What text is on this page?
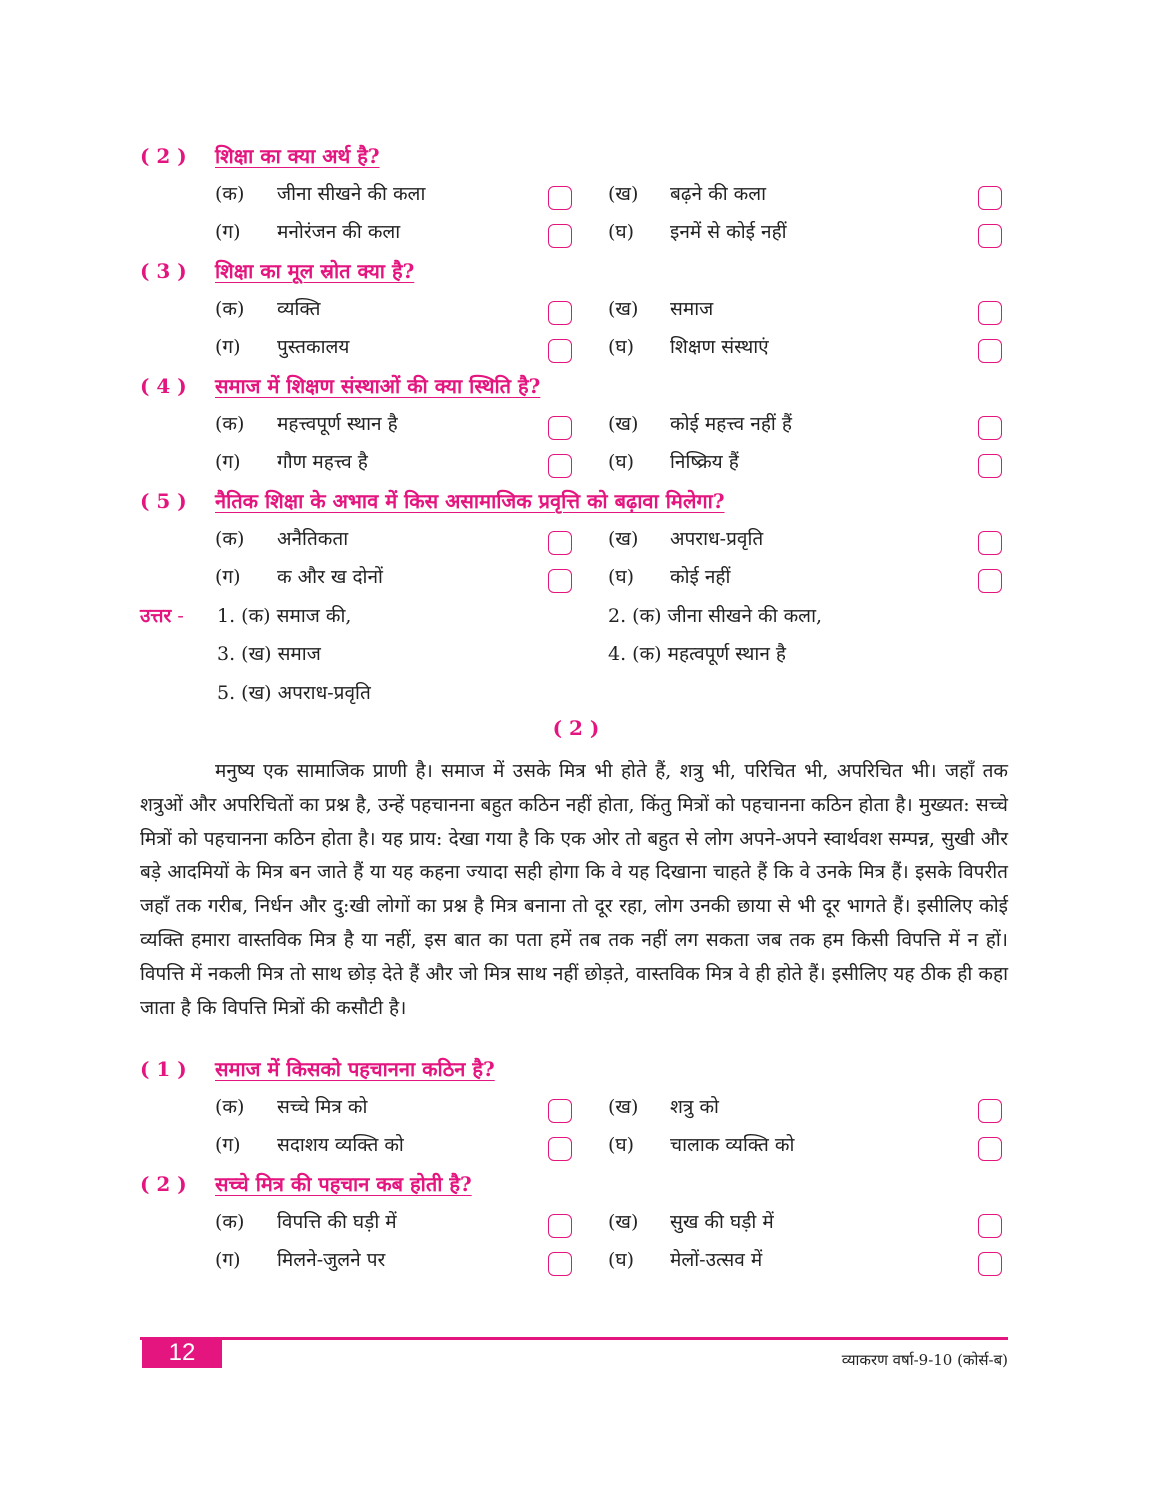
( 2 ) शिक्षा का क्या अर्थ है?
(क) जीना सीखने की कला	(ख) बढ़ने की कला
(ग) मनोरंजन की कला	(घ) इनमें से कोई नहीं
( 3 ) शिक्षा का मूल स्रोत क्या है?
(क) व्यक्ति	(ख) समाज
(ग) पुस्तकालय	(घ) शिक्षण संस्थाएं
( 4 ) समाज में शिक्षण संस्थाओं की क्या स्थिति है?
(क) महत्त्वपूर्ण स्थान है	(ख) कोई महत्त्व नहीं हैं
(ग) गौण महत्त्व है	(घ) निष्क्रिय हैं
( 5 ) नैतिक शिक्षा के अभाव में किस असामाजिक प्रवृत्ति को बढ़ावा मिलेगा?
(क) अनैतिकता	(ख) अपराध-प्रवृति
(ग) क और ख दोनों	(घ) कोई नहीं
उत्तर - 1. (क) समाज की,	2. (क) जीना सीखने की कला,
3. (ख) समाज	4. (क) महत्वपूर्ण स्थान है
5. (ख) अपराध-प्रवृति
( 2 )

मनुष्य एक सामाजिक प्राणी है। समाज में उसके मित्र भी होते हैं, शत्रु भी, परिचित भी, अपरिचित भी। जहाँ तक शत्रुओं और अपरिचितों का प्रश्न है, उन्हें पहचानना बहुत कठिन नहीं होता, किंतु मित्रों को पहचानना कठिन होता है। मुख्यत: सच्चे मित्रों को पहचानना कठिन होता है। यह प्राय: देखा गया है कि एक ओर तो बहुत से लोग अपने-अपने स्वार्थवश सम्पन्न, सुखी और बड़े आदमियों के मित्र बन जाते हैं या यह कहना ज्यादा सही होगा कि वे यह दिखाना चाहते हैं कि वे उनके मित्र हैं। इसके विपरीत जहाँ तक गरीब, निर्धन और दु:खी लोगों का प्रश्न है मित्र बनाना तो दूर रहा, लोग उनकी छाया से भी दूर भागते हैं। इसीलिए कोई व्यक्ति हमारा वास्तविक मित्र है या नहीं, इस बात का पता हमें तब तक नहीं लग सकता जब तक हम किसी विपत्ति में न हों। विपत्ति में नकली मित्र तो साथ छोड़ देते हैं और जो मित्र साथ नहीं छोड़ते, वास्तविक मित्र वे ही होते हैं। इसीलिए यह ठीक ही कहा जाता है कि विपत्ति मित्रों की कसौटी है।

( 1 ) समाज में किसको पहचानना कठिन है?
(क) सच्चे मित्र को	(ख) शत्रु को
(ग) सदाशय व्यक्ति को	(घ) चालाक व्यक्ति को
( 2 ) सच्चे मित्र की पहचान कब होती है?
(क) विपत्ति की घड़ी में	(ख) सुख की घड़ी में
(ग) मिलने-जुलने पर	(घ) मेलों-उत्सव में
12	व्याकरण वर्षा-9-10 (कोर्स-ब)
